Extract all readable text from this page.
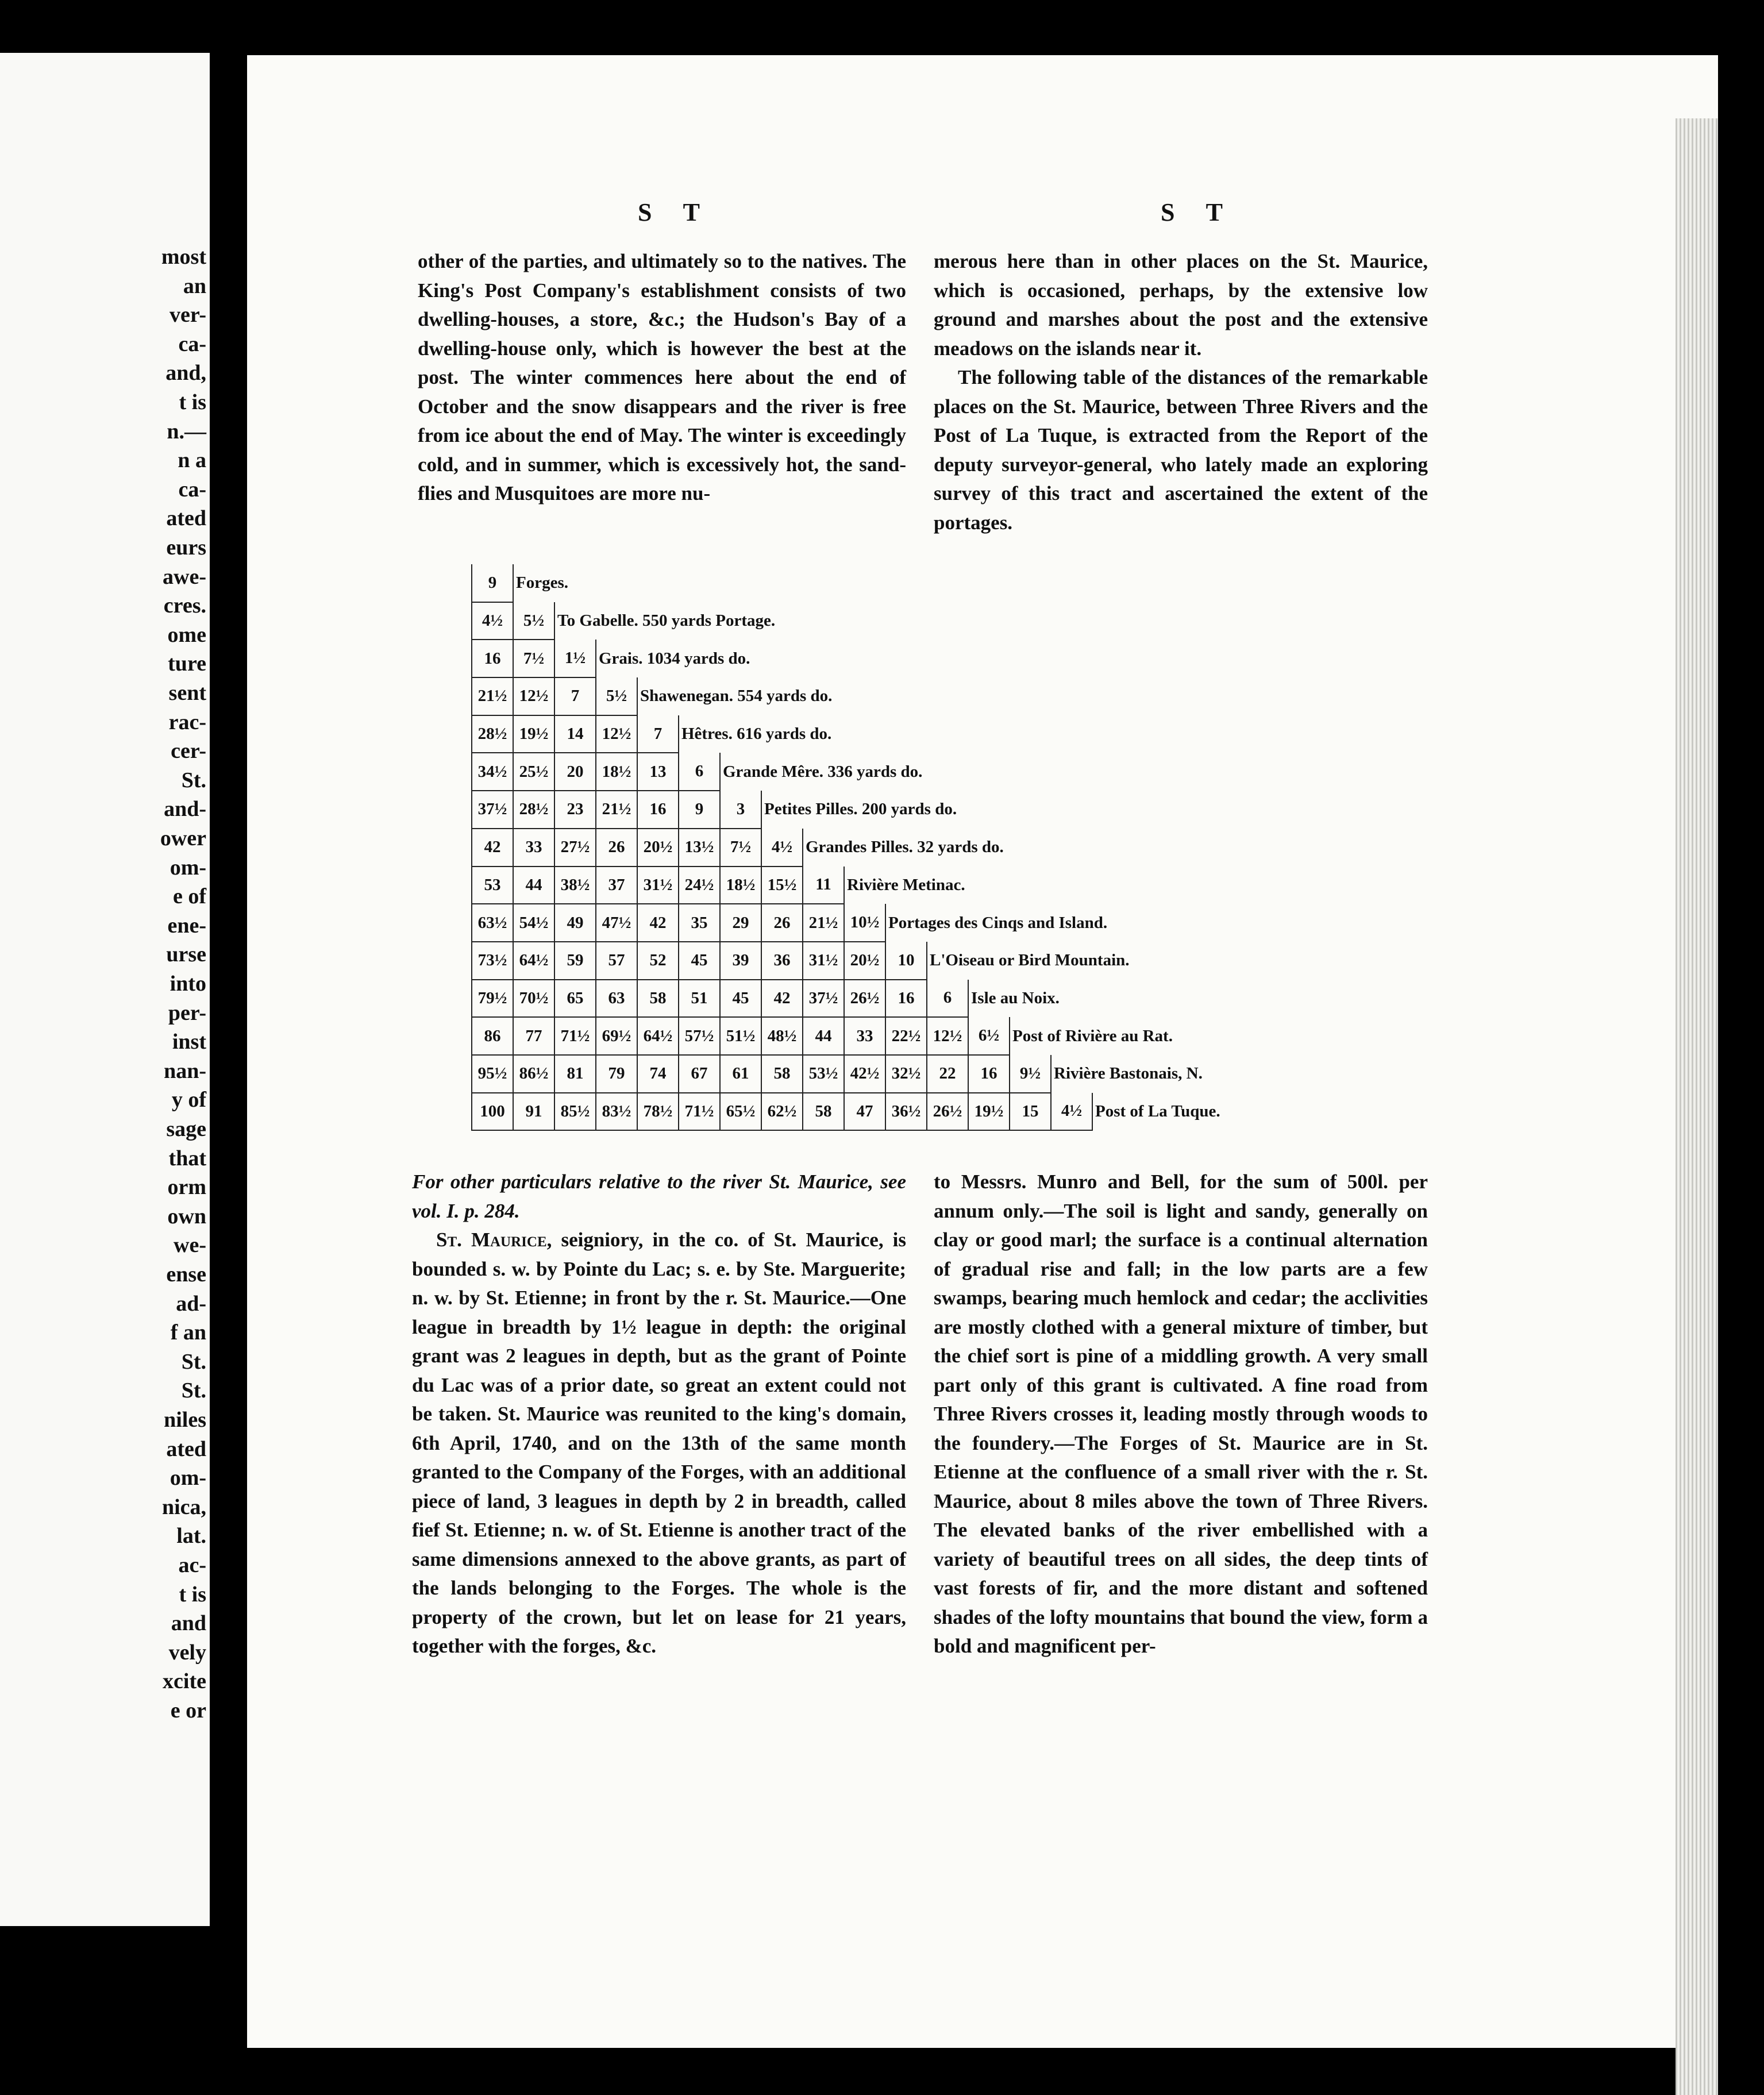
most
an
ver-
ca-
and,
t is
n.—
n a
ca-
ated
eurs
awe-
cres.
ome
ture
sent
rac-
cer-
St.
and-
ower
om-
e of
ene-
urse
into
per-
inst
nan-
y of
sage
that
orm
own
we-
ense
ad-
f an
St.
St.
niles
ated
om-
nica,
lat.
ac-
t is
and
vely
xcite
e or
S T	S T

other of the parties, and ultimately so to the natives. The King's Post Company's establishment consists of two dwelling-houses, a store, &c.; the Hudson's Bay of a dwelling-house only, which is however the best at the post. The winter commences here about the end of October and the snow disappears and the river is free from ice about the end of May. The winter is exceedingly cold, and in summer, which is excessively hot, the sand-flies and Musquitoes are more nu-

merous here than in other places on the St. Maurice, which is occasioned, perhaps, by the extensive low ground and marshes about the post and the extensive meadows on the islands near it.

The following table of the distances of the remarkable places on the St. Maurice, between Three Rivers and the Post of La Tuque, is extracted from the Report of the deputy surveyor-general, who lately made an exploring survey of this tract and ascertained the extent of the portages.

9	Forges.														
4½	5½	To Gabelle. 550 yards Portage.													
16	7½	1½	Grais. 1034 yards do.												
21½	12½	7	5½	Shawenegan. 554 yards do.											
28½	19½	14	12½	7	Hêtres. 616 yards do.										
34½	25½	20	18½	13	6	Grande Mêre. 336 yards do.									
37½	28½	23	21½	16	9	3	Petites Pilles. 200 yards do.								
42	33	27½	26	20½	13½	7½	4½	Grandes Pilles. 32 yards do.							
53	44	38½	37	31½	24½	18½	15½	11	Rivière Metinac.						
63½	54½	49	47½	42	35	29	26	21½	10½	Portages des Cinqs and Island.					
73½	64½	59	57	52	45	39	36	31½	20½	10	L'Oiseau or Bird Mountain.				
79½	70½	65	63	58	51	45	42	37½	26½	16	6	Isle au Noix.			
86	77	71½	69½	64½	57½	51½	48½	44	33	22½	12½	6½	Post of Rivière au Rat.		
95½	86½	81	79	74	67	61	58	53½	42½	32½	22	16	9½	Rivière Bastonais, N.	
100	91	85½	83½	78½	71½	65½	62½	58	47	36½	26½	19½	15	4½	Post of La Tuque.

For other particulars relative to the river St. Maurice, see vol. I. p. 284.

St. Maurice, seigniory, in the co. of St. Maurice, is bounded s. w. by Pointe du Lac; s. e. by Ste. Marguerite; n. w. by St. Etienne; in front by the r. St. Maurice.—One league in breadth by 1½ league in depth: the original grant was 2 leagues in depth, but as the grant of Pointe du Lac was of a prior date, so great an extent could not be taken. St. Maurice was reunited to the king's domain, 6th April, 1740, and on the 13th of the same month granted to the Company of the Forges, with an additional piece of land, 3 leagues in depth by 2 in breadth, called fief St. Etienne; n. w. of St. Etienne is another tract of the same dimensions annexed to the above grants, as part of the lands belonging to the Forges. The whole is the property of the crown, but let on lease for 21 years, together with the forges, &c.

to Messrs. Munro and Bell, for the sum of 500l. per annum only.—The soil is light and sandy, generally on clay or good marl; the surface is a continual alternation of gradual rise and fall; in the low parts are a few swamps, bearing much hemlock and cedar; the acclivities are mostly clothed with a general mixture of timber, but the chief sort is pine of a middling growth. A very small part only of this grant is cultivated. A fine road from Three Rivers crosses it, leading mostly through woods to the foundery.—The Forges of St. Maurice are in St. Etienne at the confluence of a small river with the r. St. Maurice, about 8 miles above the town of Three Rivers. The elevated banks of the river embellished with a variety of beautiful trees on all sides, the deep tints of vast forests of fir, and the more distant and softened shades of the lofty mountains that bound the view, form a bold and magnificent per-
